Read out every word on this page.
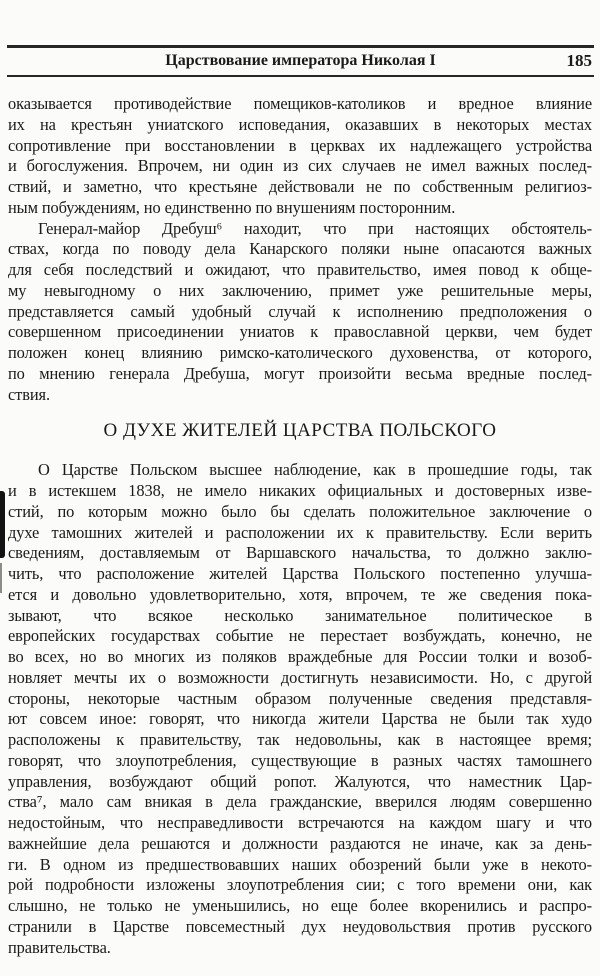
Царствование императора Николая I	185
оказывается противодействие помещиков-католиков и вредное влияние
их на крестьян униатского исповедания, оказавших в некоторых местах
сопротивление при восстановлении в церквах их надлежащего устройства
и богослужения. Впрочем, ни один из сих случаев не имел важных послед-
ствий, и заметно, что крестьяне действовали не по собственным религиоз-
ным побуждениям, но единственно по внушениям посторонним.
Генерал-майор Дребуш⁶ находит, что при настоящих обстоятель-
ствах, когда по поводу дела Канарского поляки ныне опасаются важных
для себя последствий и ожидают, что правительство, имея повод к обще-
му невыгодному о них заключению, примет уже решительные меры,
представляется самый удобный случай к исполнению предположения о
совершенном присоединении униатов к православной церкви, чем будет
положен конец влиянию римско-католического духовенства, от которого,
по мнению генерала Дребуша, могут произойти весьма вредные послед-
ствия.
О ДУХЕ ЖИТЕЛЕЙ ЦАРСТВА ПОЛЬСКОГО
О Царстве Польском высшее наблюдение, как в прошедшие годы, так
и в истекшем 1838, не имело никаких официальных и достоверных изве-
стий, по которым можно было бы сделать положительное заключение о
духе тамошних жителей и расположении их к правительству. Если верить
сведениям, доставляемым от Варшавского начальства, то должно заклю-
чить, что расположение жителей Царства Польского постепенно улучша-
ется и довольно удовлетворительно, хотя, впрочем, те же сведения пока-
зывают, что всякое несколько занимательное политическое в
европейских государствах событие не перестает возбуждать, конечно, не
во всех, но во многих из поляков враждебные для России толки и возоб-
новляет мечты их о возможности достигнуть независимости. Но, с другой
стороны, некоторые частным образом полученные сведения представля-
ют совсем иное: говорят, что никогда жители Царства не были так худо
расположены к правительству, так недовольны, как в настоящее время;
говорят, что злоупотребления, существующие в разных частях тамошнего
управления, возбуждают общий ропот. Жалуются, что наместник Цар-
ства⁷, мало сам вникая в дела гражданские, вверился людям совершенно
недостойным, что несправедливости встречаются на каждом шагу и что
важнейшие дела решаются и должности раздаются не иначе, как за день-
ги. В одном из предшествовавших наших обозрений были уже в некото-
рой подробности изложены злоупотребления сии; с того времени они, как
слышно, не только не уменьшились, но еще более вкоренились и распро-
странили в Царстве повсеместный дух неудовольствия против русского
правительства.
